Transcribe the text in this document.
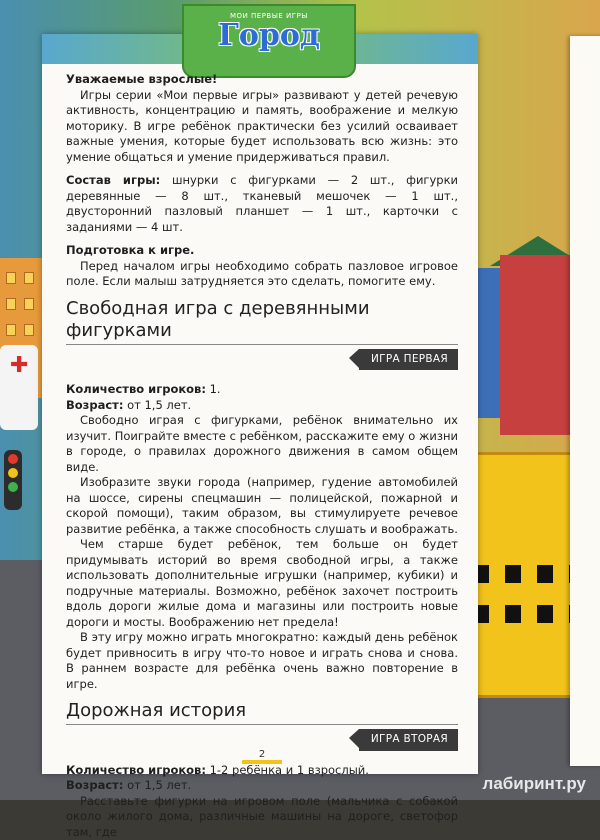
✚
МОИ ПЕРВЫЕ ИГРЫ
Город

Уважаемые взрослые!

Игры серии «Мои первые игры» развивают у детей речевую активность, концентрацию и память, воображение и мелкую моторику. В игре ребёнок практически без усилий осваивает важные умения, которые будет использовать всю жизнь: это умение общаться и умение придерживаться правил.

Состав игры: шнурки с фигурками — 2 шт., фигурки деревянные — 8 шт., тканевый мешочек — 1 шт., двусторонний пазловый планшет — 1 шт., карточки с заданиями — 4 шт.

Подготовка к игре.

Перед началом игры необходимо собрать пазловое игровое поле. Если малыш затрудняется это сделать, помогите ему.

Свободная игра с деревянными фигурками
ИГРА ПЕРВАЯ

Количество игроков: 1.

Возраст: от 1,5 лет.

Свободно играя с фигурками, ребёнок внимательно их изучит. Поиграйте вместе с ребёнком, расскажите ему о жизни в городе, о правилах дорожного движения в самом общем виде.

Изобразите звуки города (например, гудение автомобилей на шоссе, сирены спецмашин — полицейской, пожарной и скорой помощи), таким образом, вы стимулируете речевое развитие ребёнка, а также способность слушать и воображать.

Чем старше будет ребёнок, тем больше он будет придумывать историй во время свободной игры, а также использовать дополнительные игрушки (например, кубики) и подручные материалы. Возможно, ребёнок захочет построить вдоль дороги жилые дома и магазины или построить новые дороги и мосты. Воображению нет предела!

В эту игру можно играть многократно: каждый день ребёнок будет привносить в игру что-то новое и играть снова и снова. В раннем возрасте для ребёнка очень важно повторение в игре.

Дорожная история
ИГРА ВТОРАЯ

Количество игроков: 1-2 ребёнка и 1 взрослый.

Возраст: от 1,5 лет.

Расставьте фигурки на игровом поле (мальчика с собакой около жилого дома, различные машины на дороге, светофор там, где

2
лабиринт.ру
